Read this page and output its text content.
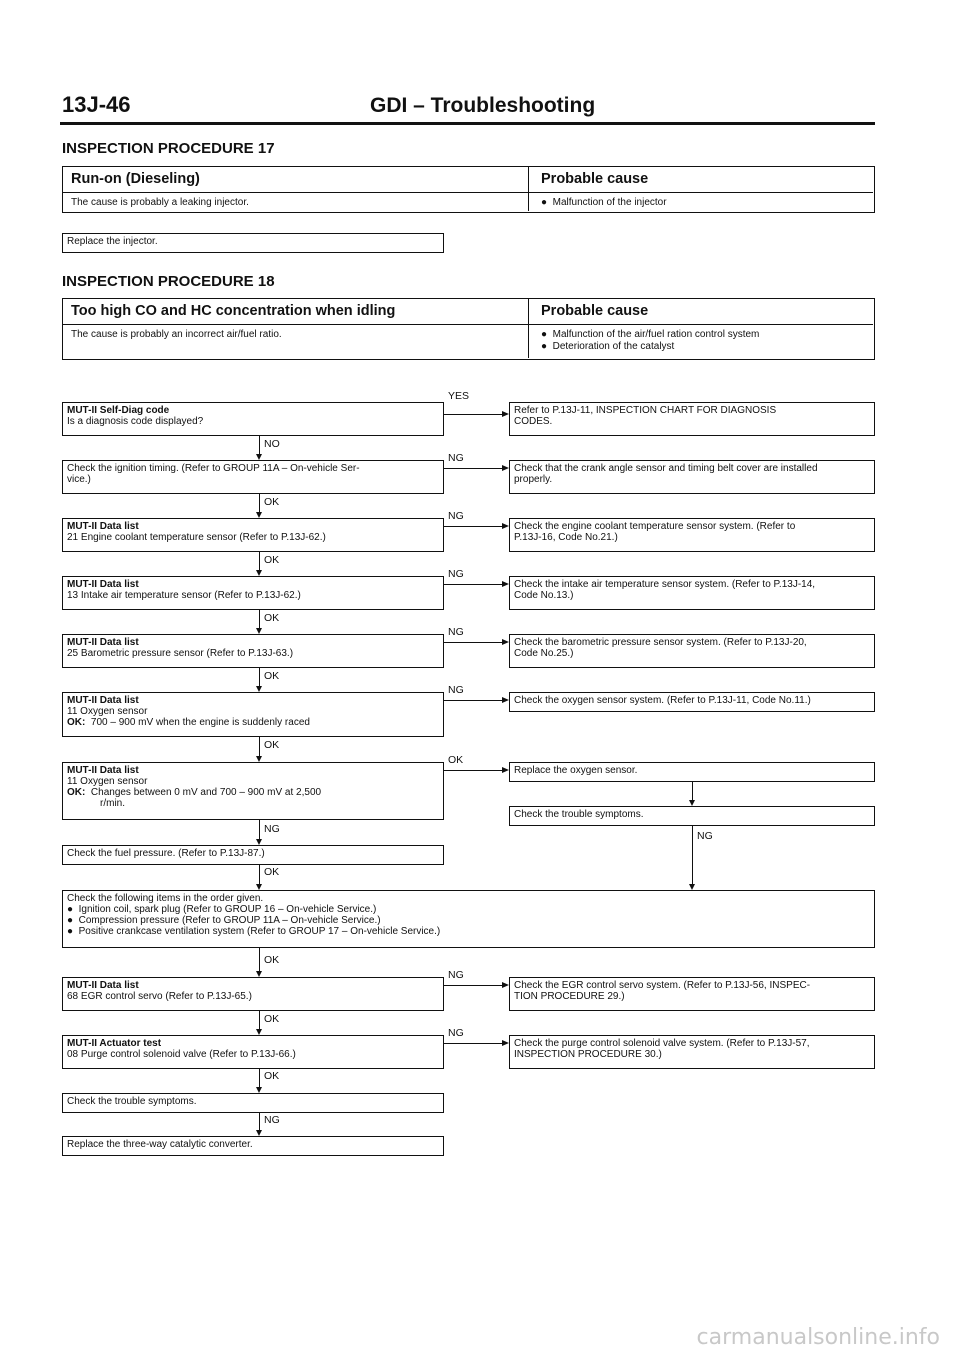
13J-46	GDI – Troubleshooting
INSPECTION PROCEDURE 17
Run-on (Dieseling)	Probable cause
The cause is probably a leaking injector.	●  Malfunction of the injector
Replace the injector.
INSPECTION PROCEDURE 18
Too high CO and HC concentration when idling	Probable cause
The cause is probably an incorrect air/fuel ratio.	●  Malfunction of the air/fuel ration control system
●  Deterioration of the catalyst
MUT-II Self-Diag code
Is a diagnosis code displayed?
Check the ignition timing. (Refer to GROUP 11A – On-vehicle Ser-
vice.)
MUT-II Data list
21 Engine coolant temperature sensor (Refer to P.13J-62.)
MUT-II Data list
13 Intake air temperature sensor (Refer to P.13J-62.)
MUT-II Data list
25 Barometric pressure sensor (Refer to P.13J-63.)
MUT-II Data list
11 Oxygen sensor
OK: 700 – 900 mV when the engine is suddenly raced
MUT-II Data list
11 Oxygen sensor
OK: Changes between 0 mV and 700 – 900 mV at 2,500
r/min.
Check the fuel pressure. (Refer to P.13J-87.)
Check the following items in the order given.
●  Ignition coil, spark plug (Refer to GROUP 16 – On-vehicle Service.)
●  Compression pressure (Refer to GROUP 11A – On-vehicle Service.)
●  Positive crankcase ventilation system (Refer to GROUP 17 – On-vehicle Service.)
MUT-II Data list
68 EGR control servo (Refer to P.13J-65.)
MUT-II Actuator test
08 Purge control solenoid valve (Refer to P.13J-66.)
Check the trouble symptoms.
Replace the three-way catalytic converter.
Refer to P.13J-11, INSPECTION CHART FOR DIAGNOSIS
CODES.
Check that the crank angle sensor and timing belt cover are installed
properly.
Check the engine coolant temperature sensor system. (Refer to
P.13J-16, Code No.21.)
Check the intake air temperature sensor system. (Refer to P.13J-14,
Code No.13.)
Check the barometric pressure sensor system. (Refer to P.13J-20,
Code No.25.)
Check the oxygen sensor system. (Refer to P.13J-11, Code No.11.)
Replace the oxygen sensor.
Check the trouble symptoms.
Check the EGR control servo system. (Refer to P.13J-56, INSPEC-
TION PROCEDURE 29.)
Check the purge control solenoid valve system. (Refer to P.13J-57,
INSPECTION PROCEDURE 30.)
YES
NG
NG
NG
NG
NG
OK
NG
NG
NO
OK
OK
OK
OK
OK
NG
OK
OK
OK
OK
NG
NG
carmanualsonline.info
